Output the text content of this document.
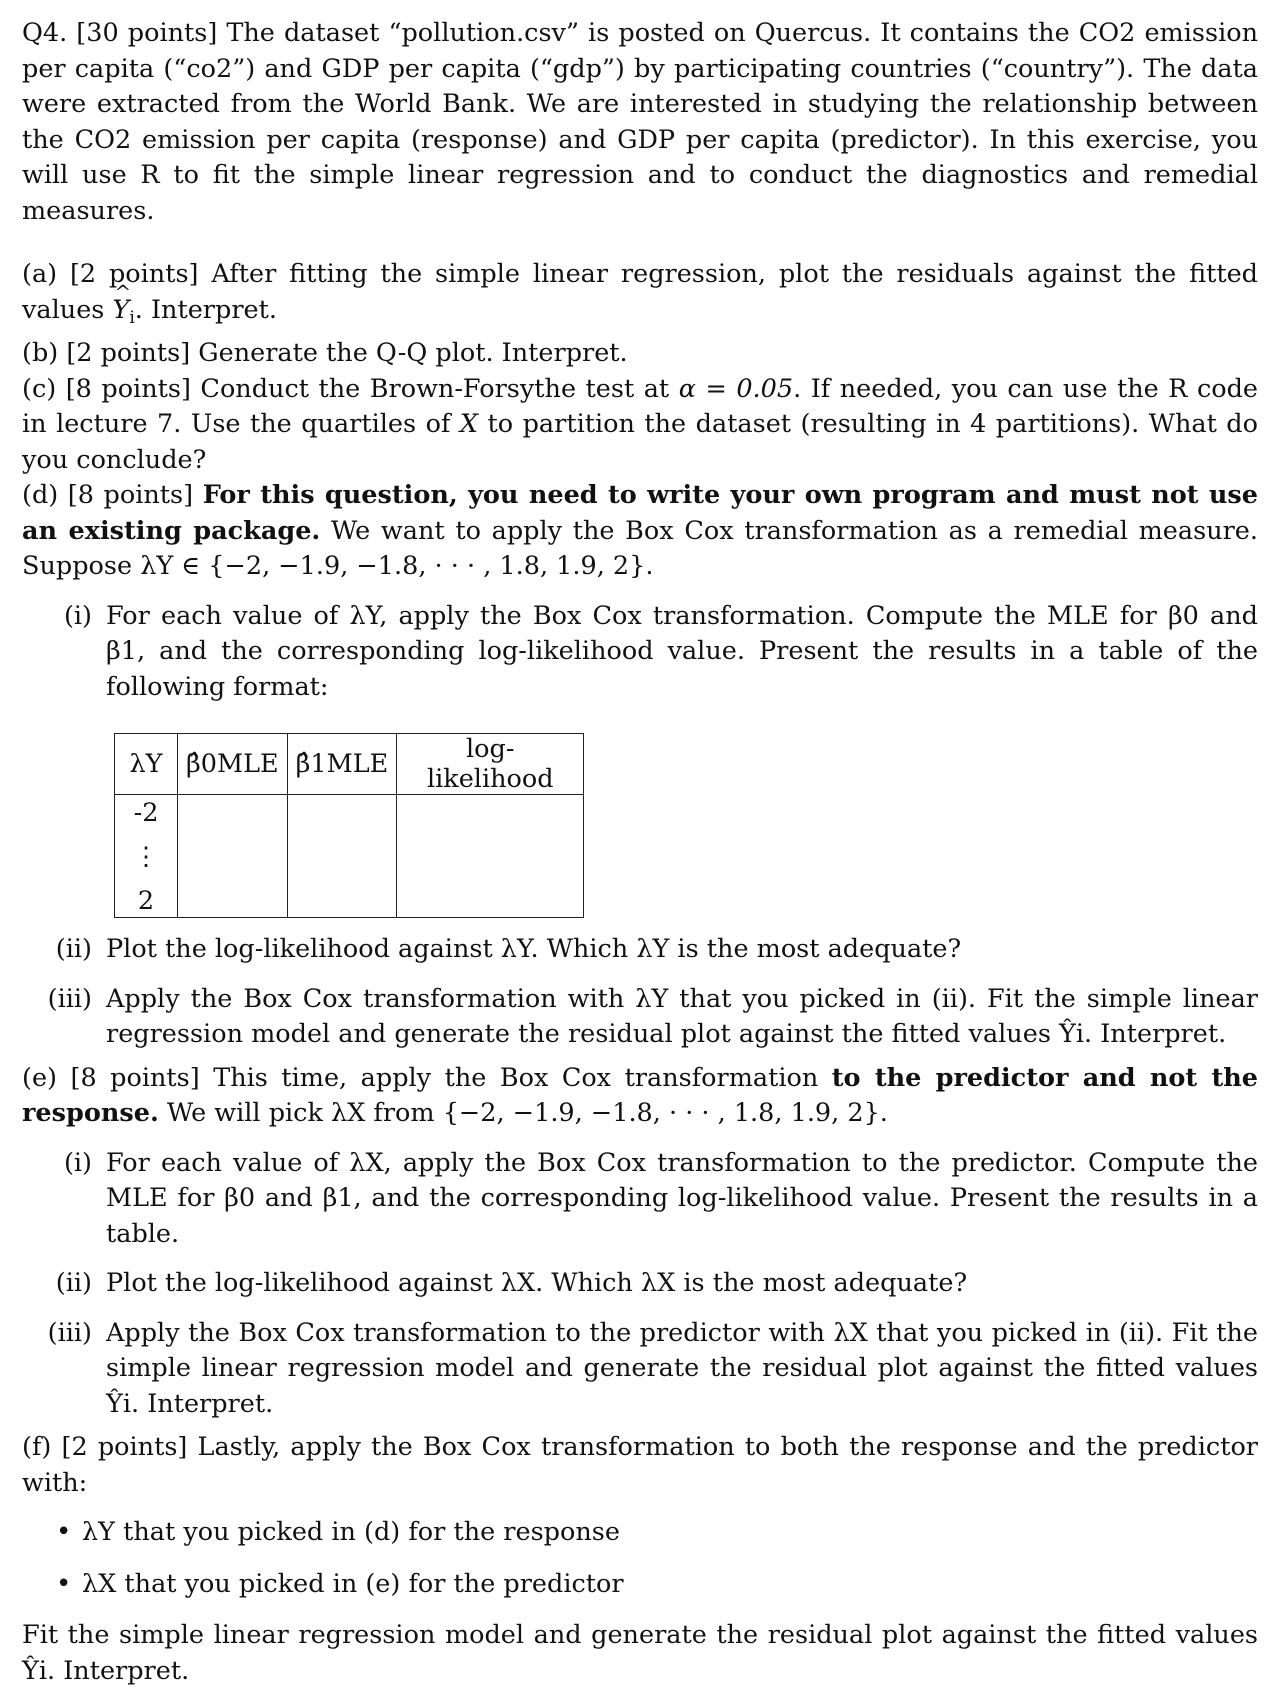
Q4. [30 points] The dataset “pollution.csv” is posted on Quercus. It contains the CO2 emission per capita (“co2”) and GDP per capita (“gdp”) by participating countries (“country”). The data were extracted from the World Bank. We are interested in studying the relationship between the CO2 emission per capita (response) and GDP per capita (predictor). In this exercise, you will use R to fit the simple linear regression and to conduct the diagnostics and remedial measures.

(a) [2 points] After fitting the simple linear regression, plot the residuals against the fitted values Y $\^{}_i$. Interpret.

(b) [2 points] Generate the Q-Q plot. Interpret.

(c) [8 points] Conduct the Brown-Forsythe test at α = 0.05. If needed, you can use the R code in lecture 7. Use the quartiles of X to partition the dataset (resulting in 4 partitions). What do you conclude?

(d) [8 points] For this question, you need to write your own program and must not use an existing package. We want to apply the Box Cox transformation as a remedial measure. Suppose λY ∈ {−2, −1.9, −1.8, · · · , 1.8, 1.9, 2}.

(i) For each value of λY, apply the Box Cox transformation. Compute the MLE for β0 and β1, and the corresponding log-likelihood value. Present the results in a table of the following format:

λY	β̂0MLE	β̂1MLE	log-likelihood
-2			
⋮			
2			
(ii) Plot the log-likelihood against λY. Which λY is the most adequate?

(iii) Apply the Box Cox transformation with λY that you picked in (ii). Fit the simple linear regression model and generate the residual plot against the fitted values Ŷi. Interpret.

(e) [8 points] This time, apply the Box Cox transformation to the predictor and not the response. We will pick λX from {−2, −1.9, −1.8, · · · , 1.8, 1.9, 2}.

(i) For each value of λX, apply the Box Cox transformation to the predictor. Compute the MLE for β0 and β1, and the corresponding log-likelihood value. Present the results in a table.

(ii) Plot the log-likelihood against λX. Which λX is the most adequate?

(iii) Apply the Box Cox transformation to the predictor with λX that you picked in (ii). Fit the simple linear regression model and generate the residual plot against the fitted values Ŷi. Interpret.

(f) [2 points] Lastly, apply the Box Cox transformation to both the response and the predictor with:

• λY that you picked in (d) for the response
• λX that you picked in (e) for the predictor

Fit the simple linear regression model and generate the residual plot against the fitted values Ŷi. Interpret.
